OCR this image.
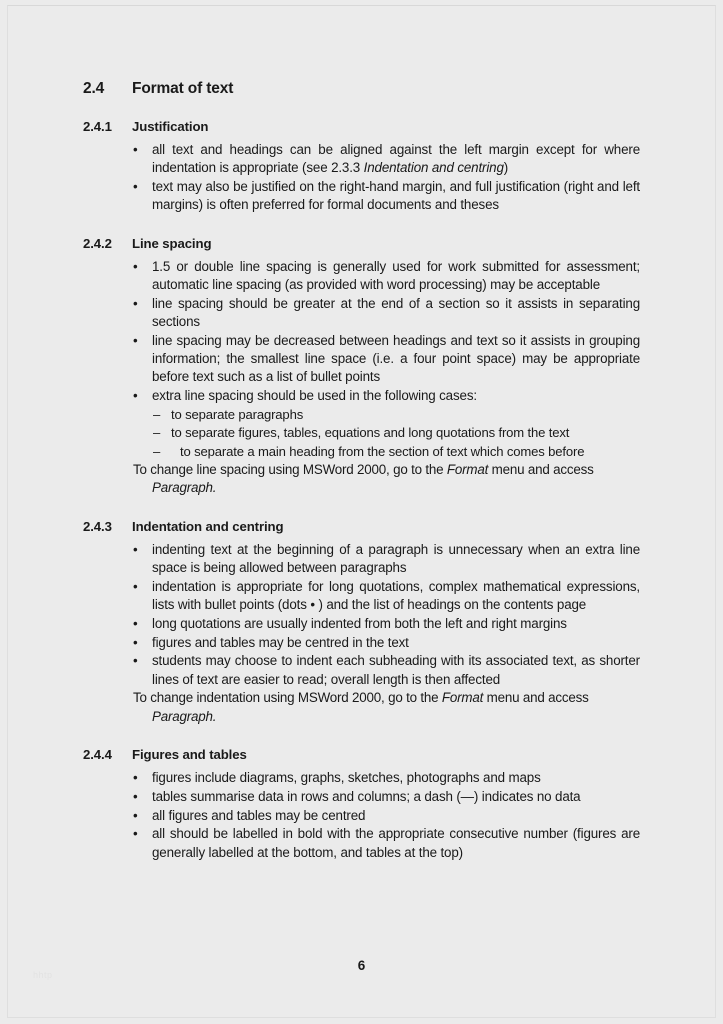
2.4	Format of text
2.4.1	Justification
• all text and headings can be aligned against the left margin except for where indentation is appropriate (see 2.3.3 Indentation and centring)
• text may also be justified on the right-hand margin, and full justification (right and left margins) is often preferred for formal documents and theses
2.4.2	Line spacing
• 1.5 or double line spacing is generally used for work submitted for assessment; automatic line spacing (as provided with word processing) may be acceptable
• line spacing should be greater at the end of a section so it assists in separating sections
• line spacing may be decreased between headings and text so it assists in grouping information; the smallest line space (i.e. a four point space) may be appropriate before text such as a list of bullet points
• extra line spacing should be used in the following cases:
– to separate paragraphs
– to separate figures, tables, equations and long quotations from the text
– to separate a main heading from the section of text which comes before
To change line spacing using MSWord 2000, go to the Format menu and access
Paragraph.
2.4.3	Indentation and centring
• indenting text at the beginning of a paragraph is unnecessary when an extra line space is being allowed between paragraphs
• indentation is appropriate for long quotations, complex mathematical expressions, lists with bullet points (dots • ) and the list of headings on the contents page
• long quotations are usually indented from both the left and right margins
• figures and tables may be centred in the text
• students may choose to indent each subheading with its associated text, as shorter lines of text are easier to read; overall length is then affected
To change indentation using MSWord 2000, go to the Format menu and access
Paragraph.
2.4.4	Figures and tables
• figures include diagrams, graphs, sketches, photographs and maps
• tables summarise data in rows and columns; a dash (—) indicates no data
• all figures and tables may be centred
• all should be labelled in bold with the appropriate consecutive number (figures are generally labelled at the bottom, and tables at the top)
6
hhtp
